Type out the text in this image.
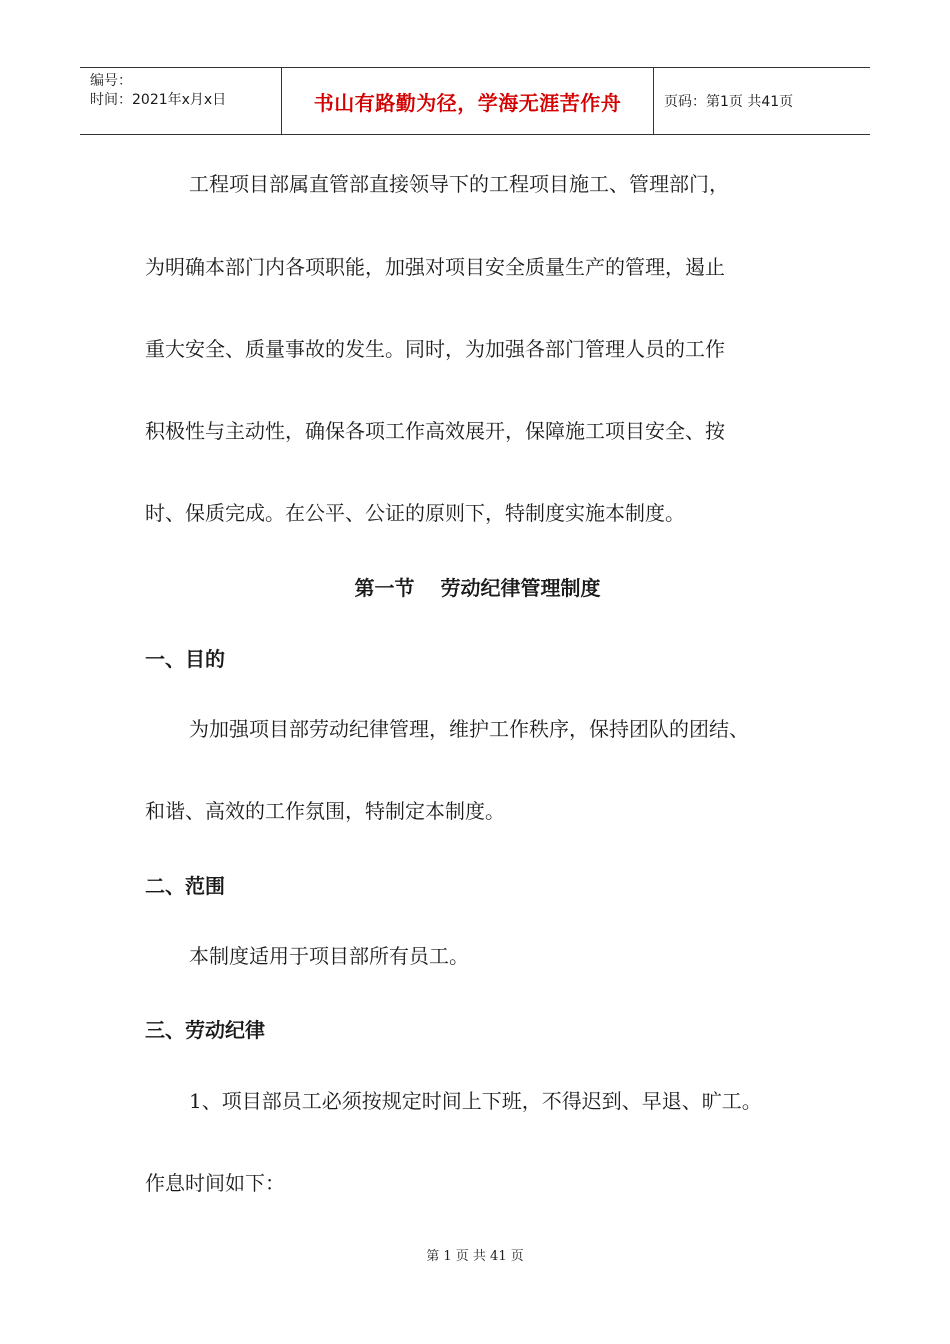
编号：
时间：2021年x月x日	书山有路勤为径，学海无涯苦作舟	页码：第1页 共41页

工程项目部属直管部直接领导下的工程项目施工、管理部门，

为明确本部门内各项职能，加强对项目安全质量生产的管理，遏止

重大安全、质量事故的发生。同时，为加强各部门管理人员的工作

积极性与主动性，确保各项工作高效展开，保障施工项目安全、按

时、保质完成。在公平、公证的原则下，特制度实施本制度。

第一节 劳动纪律管理制度

一、目的

为加强项目部劳动纪律管理，维护工作秩序，保持团队的团结、

和谐、高效的工作氛围，特制定本制度。

二、范围

本制度适用于项目部所有员工。

三、劳动纪律

1、项目部员工必须按规定时间上下班，不得迟到、早退、旷工。

作息时间如下：

第 1 页 共 41 页
